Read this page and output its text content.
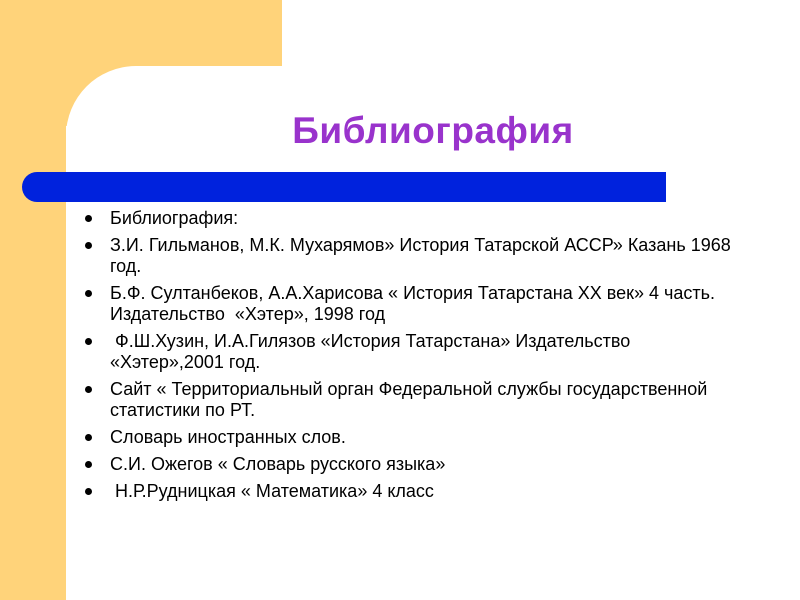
Библиография
Библиография:
З.И. Гильманов, М.К. Мухарямов» История Татарской АССР» Казань 1968 год.
Б.Ф. Султанбеков, А.А.Харисова « История Татарстана XX век» 4 часть. Издательство  «Хэтер», 1998 год
Ф.Ш.Хузин, И.А.Гилязов «История Татарстана» Издательство  «Хэтер»,2001 год.
Сайт « Территориальный орган Федеральной службы государственной статистики по РТ.
Словарь иностранных слов.
С.И. Ожегов « Словарь русского языка»
Н.Р.Рудницкая « Математика» 4 класс
